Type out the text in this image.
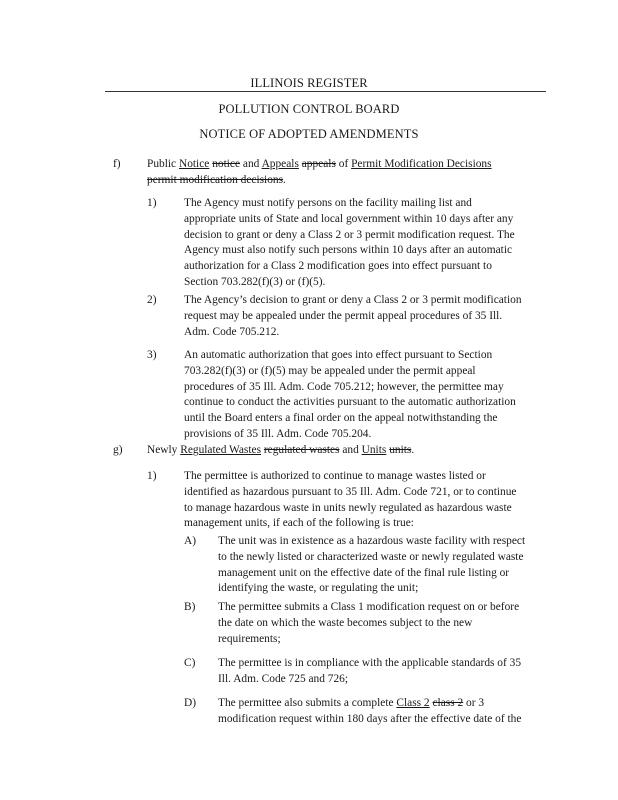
ILLINOIS REGISTER
POLLUTION CONTROL BOARD
NOTICE OF ADOPTED AMENDMENTS
f) Public Notice notice and Appeals appeals of Permit Modification Decisions
permit modification decisions.
1) The Agency must notify persons on the facility mailing list and
appropriate units of State and local government within 10 days after any
decision to grant or deny a Class 2 or 3 permit modification request. The
Agency must also notify such persons within 10 days after an automatic
authorization for a Class 2 modification goes into effect pursuant to
Section 703.282(f)(3) or (f)(5).
2) The Agency’s decision to grant or deny a Class 2 or 3 permit modification
request may be appealed under the permit appeal procedures of 35 Ill.
Adm. Code 705.212.
3) An automatic authorization that goes into effect pursuant to Section
703.282(f)(3) or (f)(5) may be appealed under the permit appeal
procedures of 35 Ill. Adm. Code 705.212; however, the permittee may
continue to conduct the activities pursuant to the automatic authorization
until the Board enters a final order on the appeal notwithstanding the
provisions of 35 Ill. Adm. Code 705.204.
g) Newly Regulated Wastes regulated wastes and Units units.
1) The permittee is authorized to continue to manage wastes listed or
identified as hazardous pursuant to 35 Ill. Adm. Code 721, or to continue
to manage hazardous waste in units newly regulated as hazardous waste
management units, if each of the following is true:
A) The unit was in existence as a hazardous waste facility with respect
to the newly listed or characterized waste or newly regulated waste
management unit on the effective date of the final rule listing or
identifying the waste, or regulating the unit;
B) The permittee submits a Class 1 modification request on or before
the date on which the waste becomes subject to the new
requirements;
C) The permittee is in compliance with the applicable standards of 35
Ill. Adm. Code 725 and 726;
D) The permittee also submits a complete Class 2 class 2 or 3
modification request within 180 days after the effective date of the
